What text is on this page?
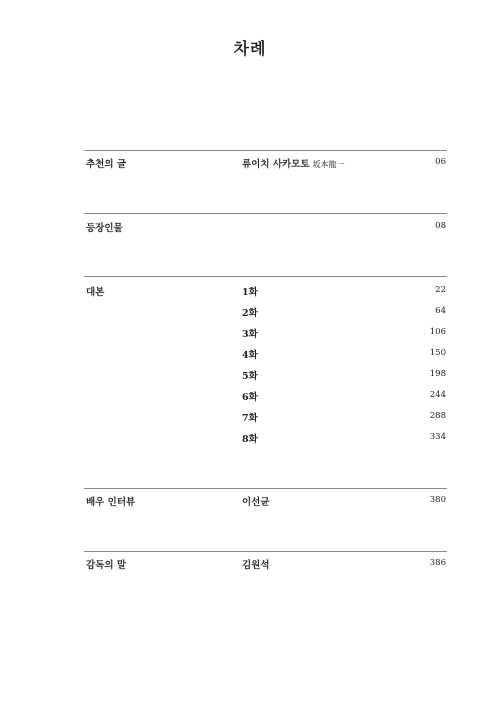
차례
추천의 글	류이치 사카모토 坂本龍一	06
등장인물	08
대본	1화	22
2화	64
3화	106
4화	150
5화	198
6화	244
7화	288
8화	334
배우 인터뷰	이선균	380
감독의 말	김원석	386
